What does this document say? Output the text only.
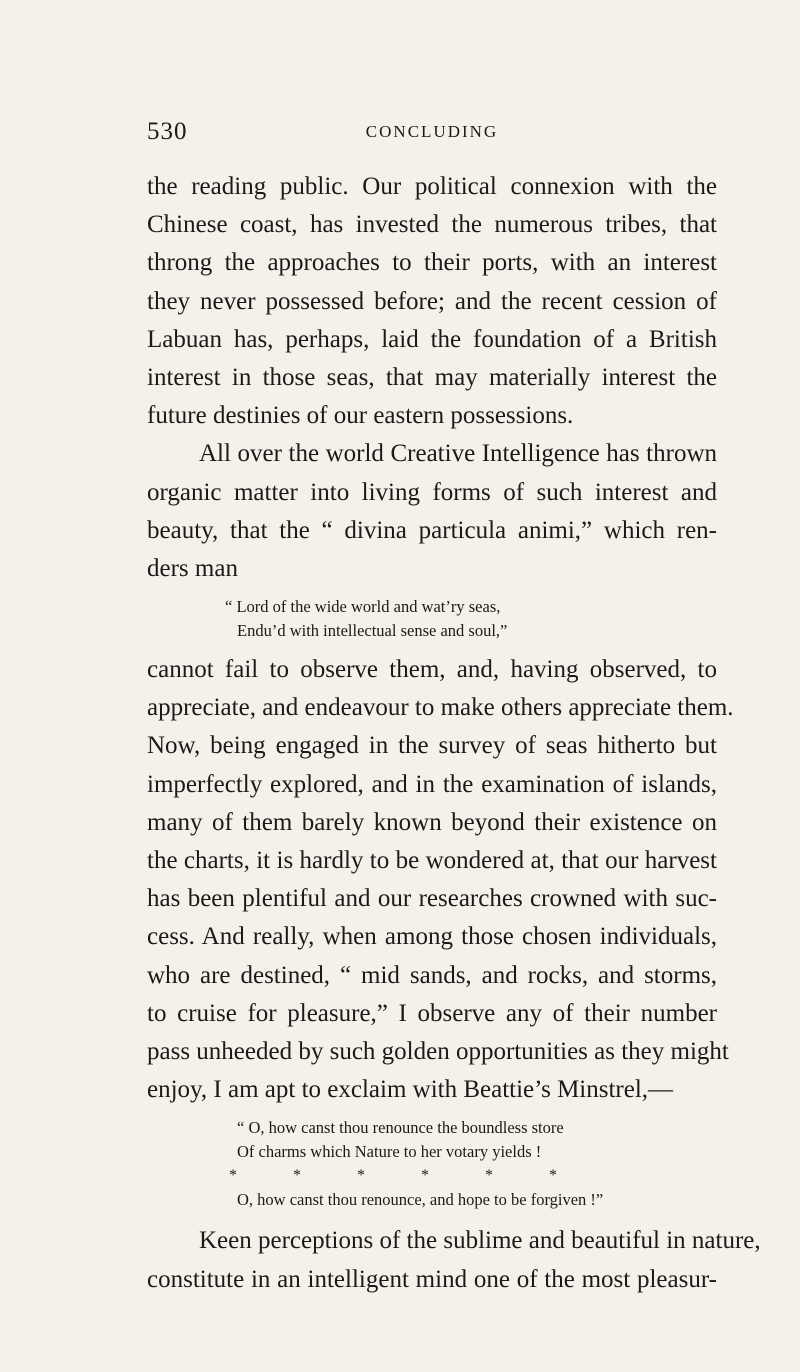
530	CONCLUDING
the reading public. Our political connexion with the
Chinese coast, has invested the numerous tribes, that
throng the approaches to their ports, with an interest
they never possessed before; and the recent cession of
Labuan has, perhaps, laid the foundation of a British
interest in those seas, that may materially interest the
future destinies of our eastern possessions.
All over the world Creative Intelligence has thrown
organic matter into living forms of such interest and
beauty, that the “ divina particula animi,” which ren-
ders man
“ Lord of the wide world and wat’ry seas,
Endu’d with intellectual sense and soul,”
cannot fail to observe them, and, having observed, to
appreciate, and endeavour to make others appreciate them.
Now, being engaged in the survey of seas hitherto but
imperfectly explored, and in the examination of islands,
many of them barely known beyond their existence on
the charts, it is hardly to be wondered at, that our harvest
has been plentiful and our researches crowned with suc-
cess. And really, when among those chosen individuals,
who are destined, “ mid sands, and rocks, and storms,
to cruise for pleasure,” I observe any of their number
pass unheeded by such golden opportunities as they might
enjoy, I am apt to exclaim with Beattie’s Minstrel,—
“ O, how canst thou renounce the boundless store
Of charms which Nature to her votary yields !
*	*	*	*	*	*
O, how canst thou renounce, and hope to be forgiven !”
Keen perceptions of the sublime and beautiful in nature,
constitute in an intelligent mind one of the most pleasur-
